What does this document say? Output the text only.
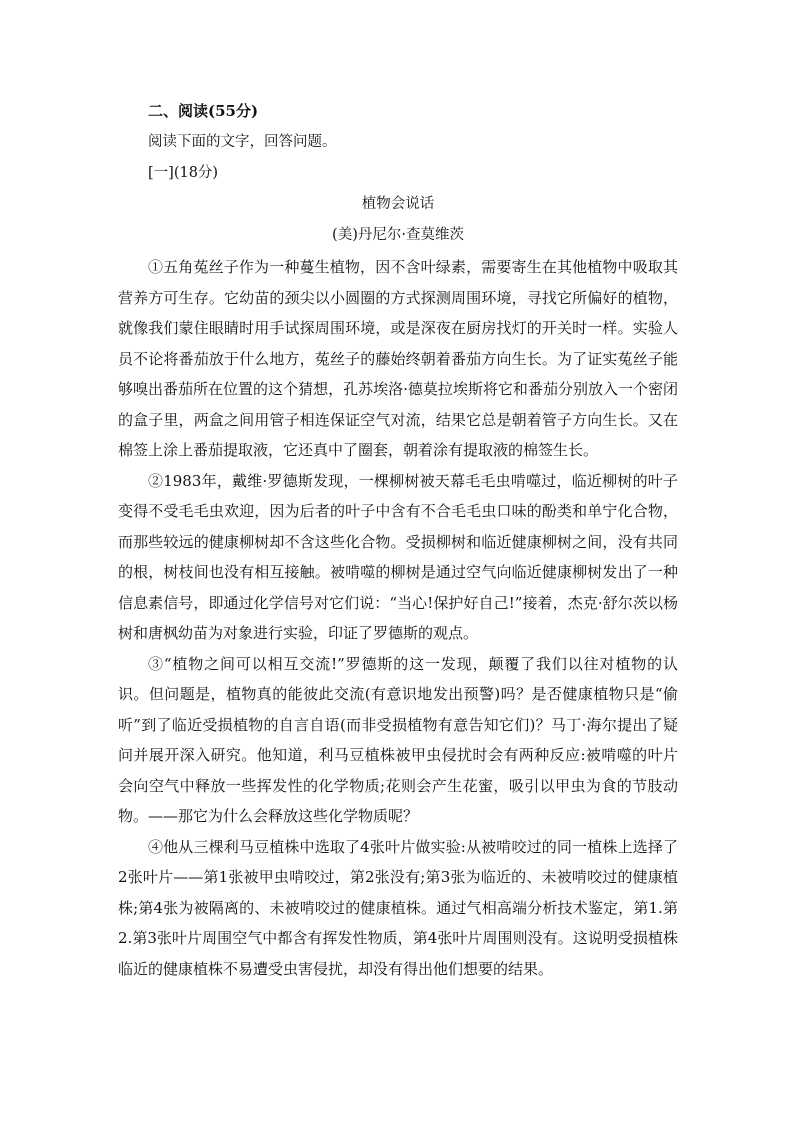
二、阅读(55分)
阅读下面的文字，回答问题。
[一](18分)
植物会说话
(美)丹尼尔·查莫维茨

①五角菟丝子作为一种蔓生植物，因不含叶绿素，需要寄生在其他植物中吸取其营养方可生存。它幼苗的颈尖以小圆圈的方式探测周围环境，寻找它所偏好的植物，就像我们蒙住眼睛时用手试探周围环境，或是深夜在厨房找灯的开关时一样。实验人员不论将番茄放于什么地方，菟丝子的藤始终朝着番茄方向生长。为了证实菟丝子能够嗅出番茄所在位置的这个猜想，孔苏埃洛·德莫拉埃斯将它和番茄分别放入一个密闭的盒子里，两盒之间用管子相连保证空气对流，结果它总是朝着管子方向生长。又在棉签上涂上番茄提取液，它还真中了圈套，朝着涂有提取液的棉签生长。

②1983年，戴维·罗德斯发现，一棵柳树被天幕毛毛虫啃噬过，临近柳树的叶子变得不受毛毛虫欢迎，因为后者的叶子中含有不合毛毛虫口味的酚类和单宁化合物，而那些较远的健康柳树却不含这些化合物。受损柳树和临近健康柳树之间，没有共同的根，树枝间也没有相互接触。被啃噬的柳树是通过空气向临近健康柳树发出了一种信息素信号，即通过化学信号对它们说：“当心!保护好自己!”接着，杰克·舒尔茨以杨树和唐枫幼苗为对象进行实验，印证了罗德斯的观点。

③“植物之间可以相互交流!”罗德斯的这一发现，颠覆了我们以往对植物的认识。但问题是，植物真的能彼此交流(有意识地发出预警)吗？是否健康植物只是“偷听”到了临近受损植物的自言自语(而非受损植物有意告知它们)？马丁·海尔提出了疑问并展开深入研究。他知道，利马豆植株被甲虫侵扰时会有两种反应:被啃噬的叶片会向空气中释放一些挥发性的化学物质;花则会产生花蜜，吸引以甲虫为食的节肢动物。——那它为什么会释放这些化学物质呢？

④他从三棵利马豆植株中选取了4张叶片做实验:从被啃咬过的同一植株上选择了2张叶片——第1张被甲虫啃咬过，第2张没有;第3张为临近的、未被啃咬过的健康植株;第4张为被隔离的、未被啃咬过的健康植株。通过气相高端分析技术鉴定，第1.第2.第3张叶片周围空气中都含有挥发性物质，第4张叶片周围则没有。这说明受损植株临近的健康植株不易遭受虫害侵扰，却没有得出他们想要的结果。
